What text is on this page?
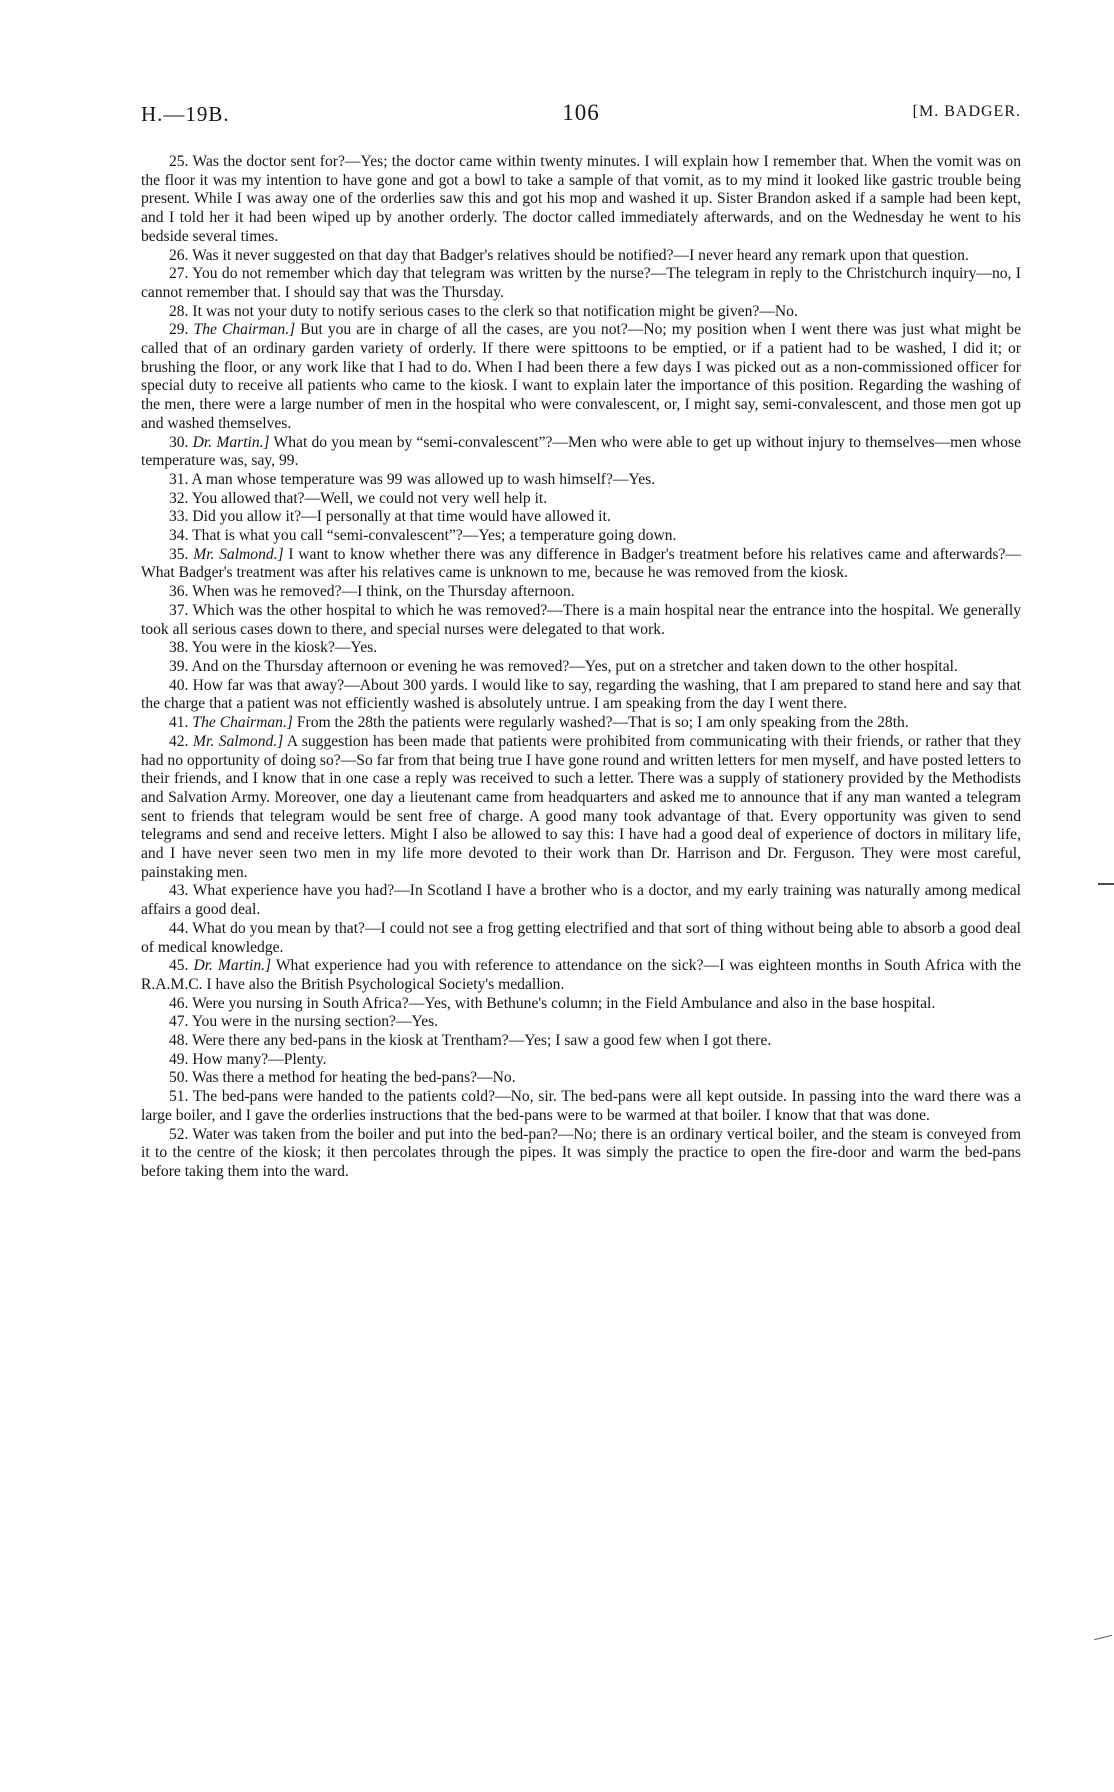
H.—19B.	106	[M. BADGER.

25. Was the doctor sent for?—Yes; the doctor came within twenty minutes. I will explain how I remember that. When the vomit was on the floor it was my intention to have gone and got a bowl to take a sample of that vomit, as to my mind it looked like gastric trouble being present. While I was away one of the orderlies saw this and got his mop and washed it up. Sister Brandon asked if a sample had been kept, and I told her it had been wiped up by another orderly. The doctor called immediately afterwards, and on the Wednesday he went to his bedside several times.

26. Was it never suggested on that day that Badger's relatives should be notified?—I never heard any remark upon that question.

27. You do not remember which day that telegram was written by the nurse?—The telegram in reply to the Christchurch inquiry—no, I cannot remember that. I should say that was the Thursday.

28. It was not your duty to notify serious cases to the clerk so that notification might be given?—No.

29. The Chairman.] But you are in charge of all the cases, are you not?—No; my position when I went there was just what might be called that of an ordinary garden variety of orderly. If there were spittoons to be emptied, or if a patient had to be washed, I did it; or brushing the floor, or any work like that I had to do. When I had been there a few days I was picked out as a non-commissioned officer for special duty to receive all patients who came to the kiosk. I want to explain later the importance of this position. Regarding the washing of the men, there were a large number of men in the hospital who were convalescent, or, I might say, semi-convalescent, and those men got up and washed themselves.

30. Dr. Martin.] What do you mean by “semi-convalescent”?—Men who were able to get up without injury to themselves—men whose temperature was, say, 99.

31. A man whose temperature was 99 was allowed up to wash himself?—Yes.

32. You allowed that?—Well, we could not very well help it.

33. Did you allow it?—I personally at that time would have allowed it.

34. That is what you call “semi-convalescent”?—Yes; a temperature going down.

35. Mr. Salmond.] I want to know whether there was any difference in Badger's treatment before his relatives came and afterwards?—What Badger's treatment was after his relatives came is unknown to me, because he was removed from the kiosk.

36. When was he removed?—I think, on the Thursday afternoon.

37. Which was the other hospital to which he was removed?—There is a main hospital near the entrance into the hospital. We generally took all serious cases down to there, and special nurses were delegated to that work.

38. You were in the kiosk?—Yes.

39. And on the Thursday afternoon or evening he was removed?—Yes, put on a stretcher and taken down to the other hospital.

40. How far was that away?—About 300 yards. I would like to say, regarding the washing, that I am prepared to stand here and say that the charge that a patient was not efficiently washed is absolutely untrue. I am speaking from the day I went there.

41. The Chairman.] From the 28th the patients were regularly washed?—That is so; I am only speaking from the 28th.

42. Mr. Salmond.] A suggestion has been made that patients were prohibited from communicating with their friends, or rather that they had no opportunity of doing so?—So far from that being true I have gone round and written letters for men myself, and have posted letters to their friends, and I know that in one case a reply was received to such a letter. There was a supply of stationery provided by the Methodists and Salvation Army. Moreover, one day a lieutenant came from headquarters and asked me to announce that if any man wanted a telegram sent to friends that telegram would be sent free of charge. A good many took advantage of that. Every opportunity was given to send telegrams and send and receive letters. Might I also be allowed to say this: I have had a good deal of experience of doctors in military life, and I have never seen two men in my life more devoted to their work than Dr. Harrison and Dr. Ferguson. They were most careful, painstaking men.

43. What experience have you had?—In Scotland I have a brother who is a doctor, and my early training was naturally among medical affairs a good deal.

44. What do you mean by that?—I could not see a frog getting electrified and that sort of thing without being able to absorb a good deal of medical knowledge.

45. Dr. Martin.] What experience had you with reference to attendance on the sick?—I was eighteen months in South Africa with the R.A.M.C. I have also the British Psychological Society's medallion.

46. Were you nursing in South Africa?—Yes, with Bethune's column; in the Field Ambulance and also in the base hospital.

47. You were in the nursing section?—Yes.

48. Were there any bed-pans in the kiosk at Trentham?—Yes; I saw a good few when I got there.

49. How many?—Plenty.

50. Was there a method for heating the bed-pans?—No.

51. The bed-pans were handed to the patients cold?—No, sir. The bed-pans were all kept outside. In passing into the ward there was a large boiler, and I gave the orderlies instructions that the bed-pans were to be warmed at that boiler. I know that that was done.

52. Water was taken from the boiler and put into the bed-pan?—No; there is an ordinary vertical boiler, and the steam is conveyed from it to the centre of the kiosk; it then percolates through the pipes. It was simply the practice to open the fire-door and warm the bed-pans before taking them into the ward.
